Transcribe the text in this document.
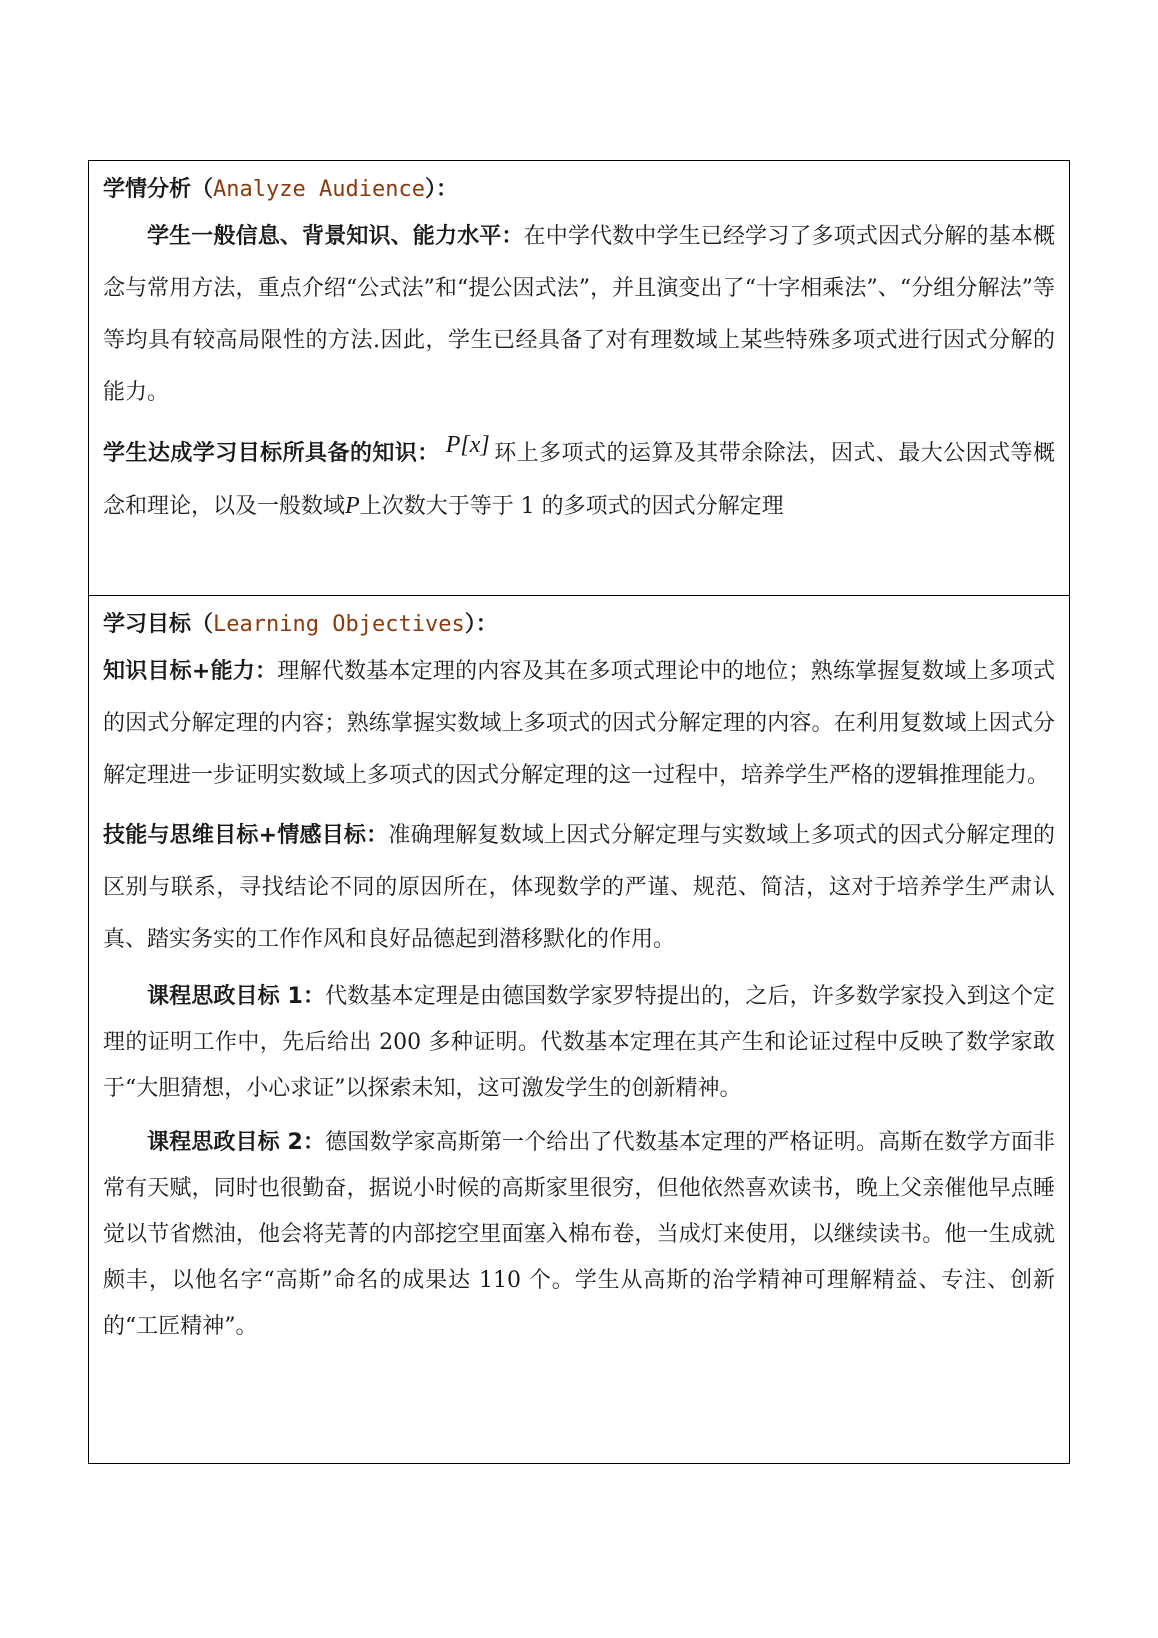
学情分析（Analyze Audience）：

学生一般信息、背景知识、能力水平：在中学代数中学生已经学习了多项式因式分解的基本概念与常用方法，重点介绍“公式法”和“提公因式法”，并且演变出了“十字相乘法”、“分组分解法”等等均具有较高局限性的方法.因此，学生已经具备了对有理数域上某些特殊多项式进行因式分解的能力。

学生达成学习目标所具备的知识： P[x] 环上多项式的运算及其带余除法，因式、最大公因式等概念和理论，以及一般数域P上次数大于等于 1 的多项式的因式分解定理

学习目标（Learning Objectives）：

知识目标+能力：理解代数基本定理的内容及其在多项式理论中的地位；熟练掌握复数域上多项式的因式分解定理的内容；熟练掌握实数域上多项式的因式分解定理的内容。在利用复数域上因式分解定理进一步证明实数域上多项式的因式分解定理的这一过程中，培养学生严格的逻辑推理能力。

技能与思维目标+情感目标：准确理解复数域上因式分解定理与实数域上多项式的因式分解定理的区别与联系，寻找结论不同的原因所在，体现数学的严谨、规范、简洁，这对于培养学生严肃认真、踏实务实的工作作风和良好品德起到潜移默化的作用。

课程思政目标 1：代数基本定理是由德国数学家罗特提出的，之后，许多数学家投入到这个定理的证明工作中，先后给出 200 多种证明。代数基本定理在其产生和论证过程中反映了数学家敢于“大胆猜想，小心求证”以探索未知，这可激发学生的创新精神。

课程思政目标 2：德国数学家高斯第一个给出了代数基本定理的严格证明。高斯在数学方面非常有天赋，同时也很勤奋，据说小时候的高斯家里很穷，但他依然喜欢读书，晚上父亲催他早点睡觉以节省燃油，他会将芜菁的内部挖空里面塞入棉布卷，当成灯来使用，以继续读书。他一生成就颇丰，以他名字“高斯”命名的成果达 110 个。学生从高斯的治学精神可理解精益、专注、创新的“工匠精神”。
